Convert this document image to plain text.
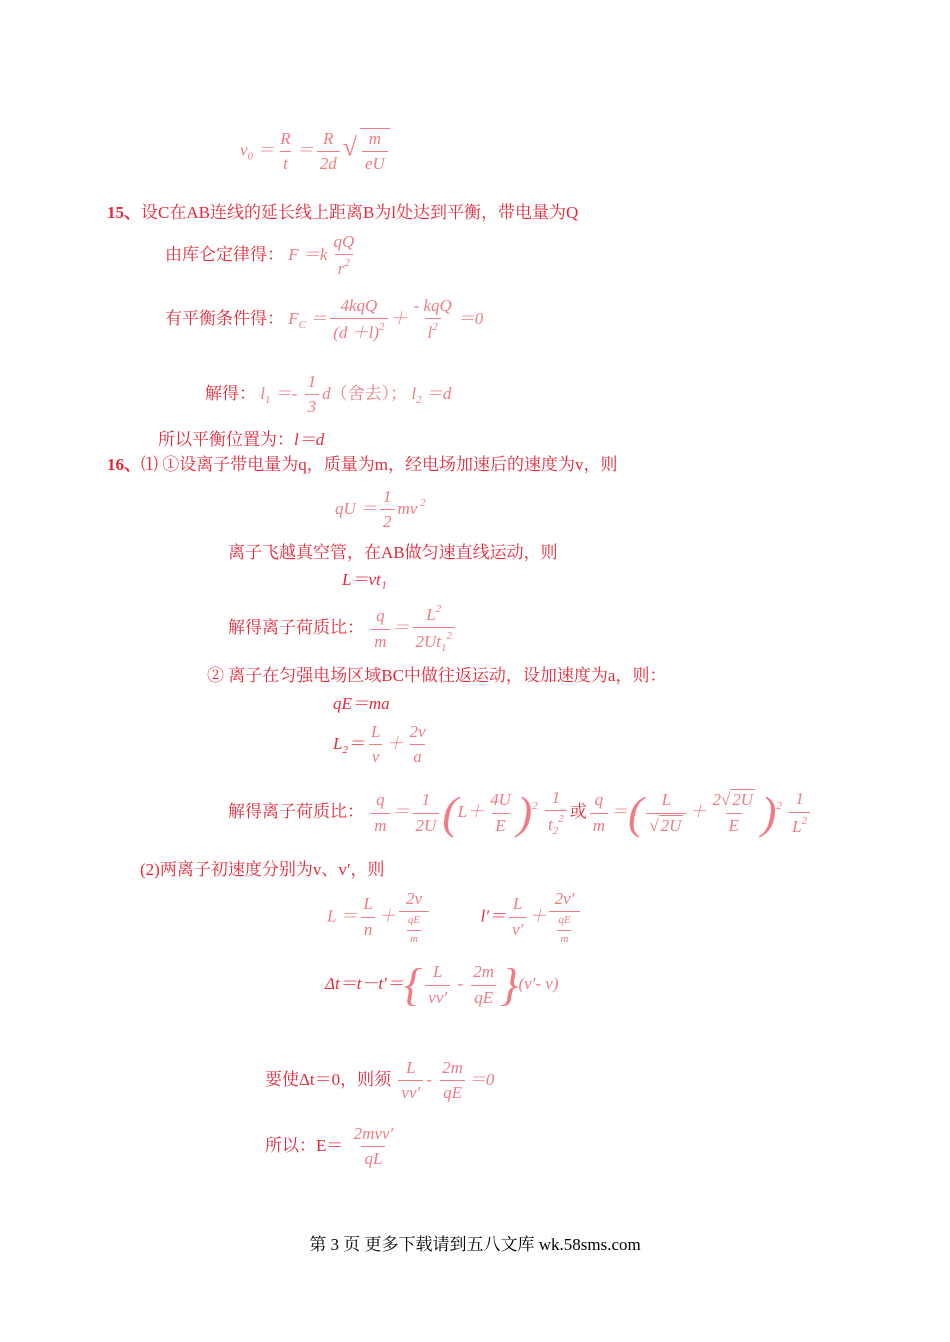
$v_0 = \frac{R}{t} = \frac{R}{2d}$ √ $\frac{m}{eU}$
15、设C在AB连线的延长线上距离B为l处达到平衡，带电量为Q
由库仑定律得： $F =k \frac{qQ}{r^2}$
有平衡条件得： $F_C = \frac{\text{4kqQ}}{(d +l)^2} + \frac{\text{- kqQ}}{l^2} =0$
解得： $l_1 =- \frac{1}{3} d$（舍去）； $l_2 =d$
所以平衡位置为：l＝d
16、⑴ ①设离子带电量为q，质量为m，经电场加速后的速度为v，则
qU ＝ $\frac{1}{2}$ mv $^2$
离子飞越真空管，在AB做匀速直线运动，则
L＝vt₁
解得离子荷质比： $\frac{q}{m} = \frac{L^2}{2Ut_1^2}$
② 离子在匀强电场区域BC中做往返运动，设加速度为a，则：
qE＝ma
$L_2= \frac{L}{v} + \frac{2v}{a}$
解得离子荷质比： $\frac{q}{m} = \frac{1}{2U} (L+ \frac{4U}{E} )^2 \frac{1}{t_2^2}$ 或 $\frac{q}{m}$ ＝( $\frac{L}{√ 2U} + \frac{2√ 2U}{E} )^2 \frac{1}{L^2}$
(2)两离子初速度分别为v、v′，则
$L = \frac{L}{n} + \frac{2v}{\frac{qE}{m}}$	$l'= \frac{L}{v'} + \frac{2v'}{\frac{qE}{m}}$
$\Delta t=t-t'=\{ \frac{L}{vv'} - \frac{2m}{qE} \}(v'-$ v)
要使Δt＝0，则须 $\frac{L}{vv'} - \frac{2m}{qE} =0$
所以：$E= \frac{\text{2mvv′}}{qL}$
第 3 页 更多下载请到五八文库 wk.58sms.com
